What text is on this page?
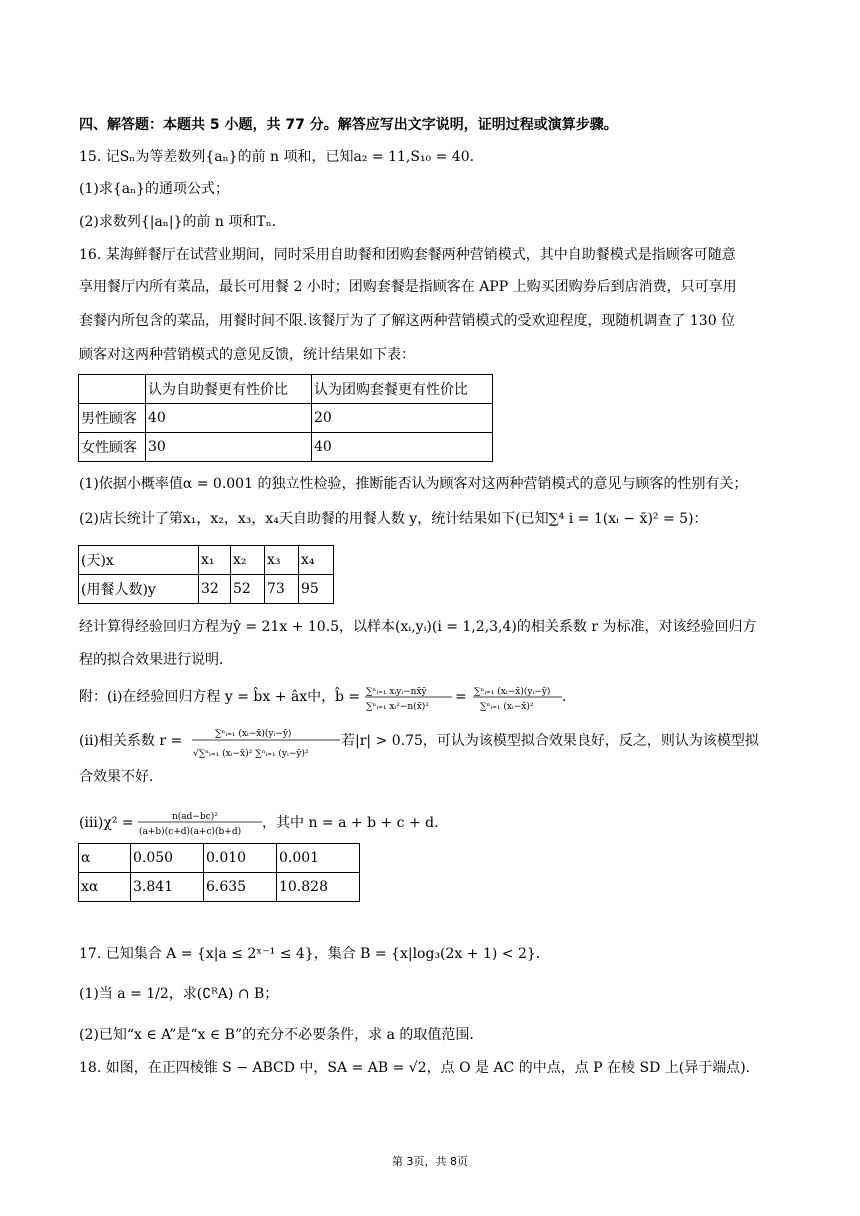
四、解答题：本题共 5 小题，共 77 分。解答应写出文字说明，证明过程或演算步骤。
15. 记Sₙ为等差数列{aₙ}的前 n 项和，已知a₂ = 11,S₁₀ = 40．
(1)求{aₙ}的通项公式；
(2)求数列{|aₙ|}的前 n 项和Tₙ．
16. 某海鲜餐厅在试营业期间，同时采用自助餐和团购套餐两种营销模式，其中自助餐模式是指顾客可随意
享用餐厅内所有菜品，最长可用餐 2 小时；团购套餐是指顾客在 APP 上购买团购券后到店消费，只可享用
套餐内所包含的菜品，用餐时间不限.该餐厅为了了解这两种营销模式的受欢迎程度，现随机调查了 130 位
顾客对这两种营销模式的意见反馈，统计结果如下表：
	认为自助餐更有性价比	认为团购套餐更有性价比
男性顾客	40	20
女性顾客	30	40
(1)依据小概率值α = 0.001 的独立性检验，推断能否认为顾客对这两种营销模式的意见与顾客的性别有关；
(2)店长统计了第x₁，x₂，x₃，x₄天自助餐的用餐人数 y，统计结果如下(已知∑⁴ i = 1(xᵢ − x̄)² = 5)：
(天)x	x₁	x₂	x₃	x₄
(用餐人数)y	32	52	73	95
经计算得经验回归方程为ŷ = 21x + 10.5，以样本(xᵢ,yᵢ)(i = 1,2,3,4)的相关系数 r 为标准，对该经验回归方
程的拟合效果进行说明．
附：(i)在经验回归方程 y = b̂x + âx中， b̂ = ∑ⁿᵢ₌₁ xᵢyᵢ−nx̄ȳ
∑ⁿᵢ₌₁ xᵢ²−n(x̄)²
= ∑ⁿᵢ₌₁ (xᵢ−x̄)(yᵢ−ȳ)
∑ⁿᵢ₌₁ (xᵢ−x̄)²
．
(ii)相关系数 r =	∑ⁿᵢ₌₁ (xᵢ−x̄)(yᵢ−ȳ)
√∑ⁿᵢ₌₁ (xᵢ−x̄)² ∑ⁿᵢ₌₁ (yᵢ−ȳ)²
若|r| > 0.75，可认为该模型拟合效果良好，反之，则认为该模型拟
合效果不好．
(iii)χ² =	n(ad−bc)²
(a+b)(c+d)(a+c)(b+d)
，其中 n = a + b + c + d．
α	0.050	0.010	0.001
xα	3.841	6.635	10.828
17. 已知集合 A = {x|a ≤ 2ˣ⁻¹ ≤ 4}，集合 B = {x|log₃(2x + 1) < 2}．
(1)当 a = 1/2，求(∁ᴿA) ∩ B；
(2)已知“x ∈ A”是“x ∈ B”的充分不必要条件，求 a 的取值范围．
18. 如图，在正四棱锥 S − ABCD 中，SA = AB = √2，点 O 是 AC 的中点，点 P 在棱 SD 上(异于端点)．
第 3页，共 8页
